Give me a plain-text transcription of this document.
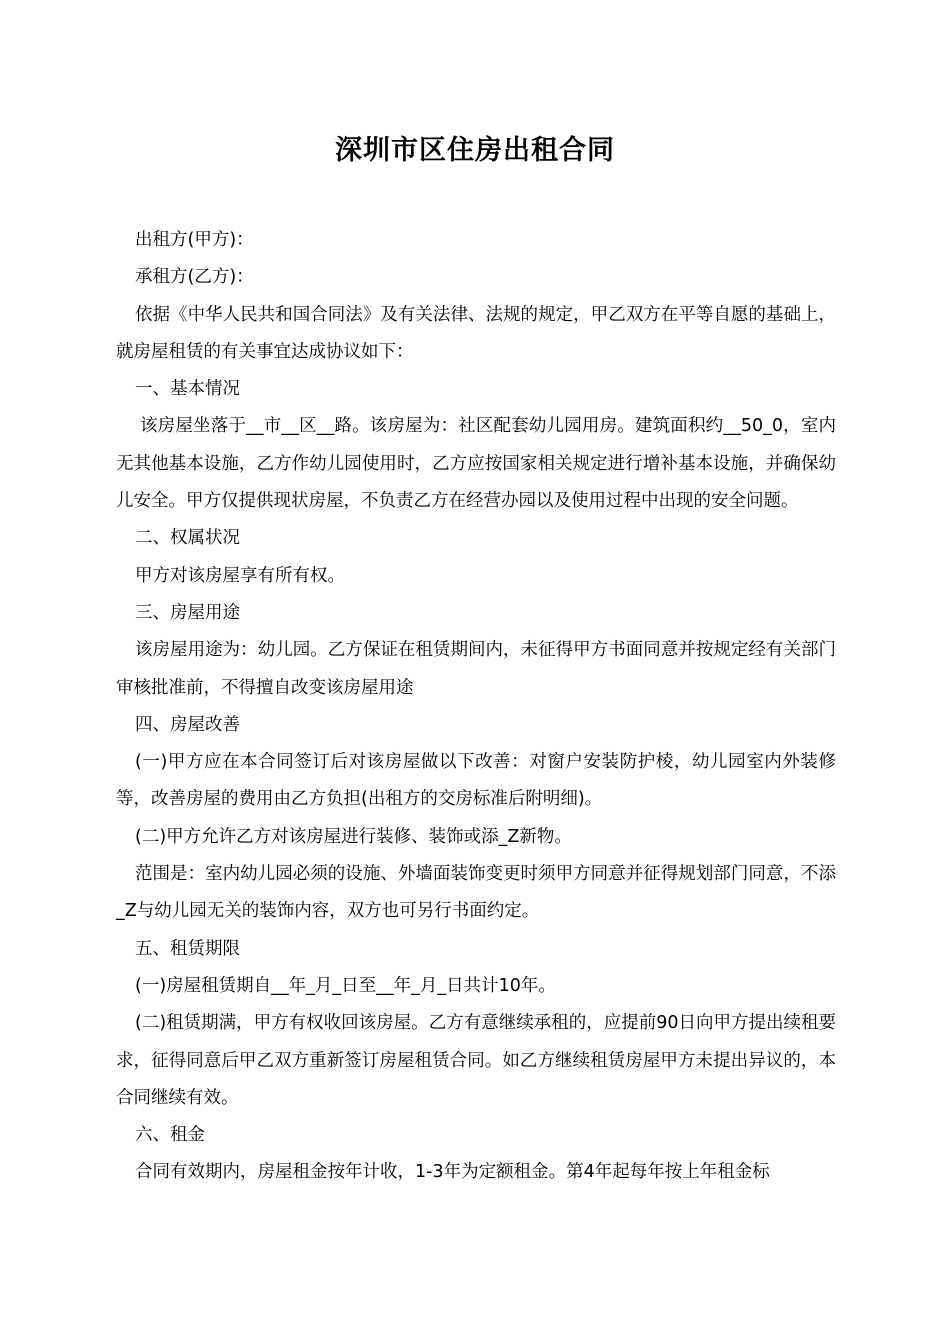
深圳市区住房出租合同

出租方(甲方)：

承租方(乙方)：

依据《中华人民共和国合同法》及有关法律、法规的规定，甲乙双方在平等自愿的基础上，就房屋租赁的有关事宜达成协议如下：

一、基本情况

该房屋坐落于__市__区__路。该房屋为：社区配套幼儿园用房。建筑面积约__50_0，室内无其他基本设施，乙方作幼儿园使用时，乙方应按国家相关规定进行增补基本设施，并确保幼儿安全。甲方仅提供现状房屋，不负责乙方在经营办园以及使用过程中出现的安全问题。

二、权属状况

甲方对该房屋享有所有权。

三、房屋用途

该房屋用途为：幼儿园。乙方保证在租赁期间内，未征得甲方书面同意并按规定经有关部门审核批准前，不得擅自改变该房屋用途

四、房屋改善

(一)甲方应在本合同签订后对该房屋做以下改善：对窗户安装防护棱，幼儿园室内外装修等，改善房屋的费用由乙方负担(出租方的交房标准后附明细)。

(二)甲方允许乙方对该房屋进行装修、装饰或添_Z新物。

范围是：室内幼儿园必须的设施、外墙面装饰变更时须甲方同意并征得规划部门同意，不添_Z与幼儿园无关的装饰内容，双方也可另行书面约定。

五、租赁期限

(一)房屋租赁期自__年_月_日至__年_月_日共计10年。

(二)租赁期满，甲方有权收回该房屋。乙方有意继续承租的，应提前90日向甲方提出续租要求，征得同意后甲乙双方重新签订房屋租赁合同。如乙方继续租赁房屋甲方未提出异议的，本合同继续有效。

六、租金

合同有效期内，房屋租金按年计收，1-3年为定额租金。第4年起每年按上年租金标
